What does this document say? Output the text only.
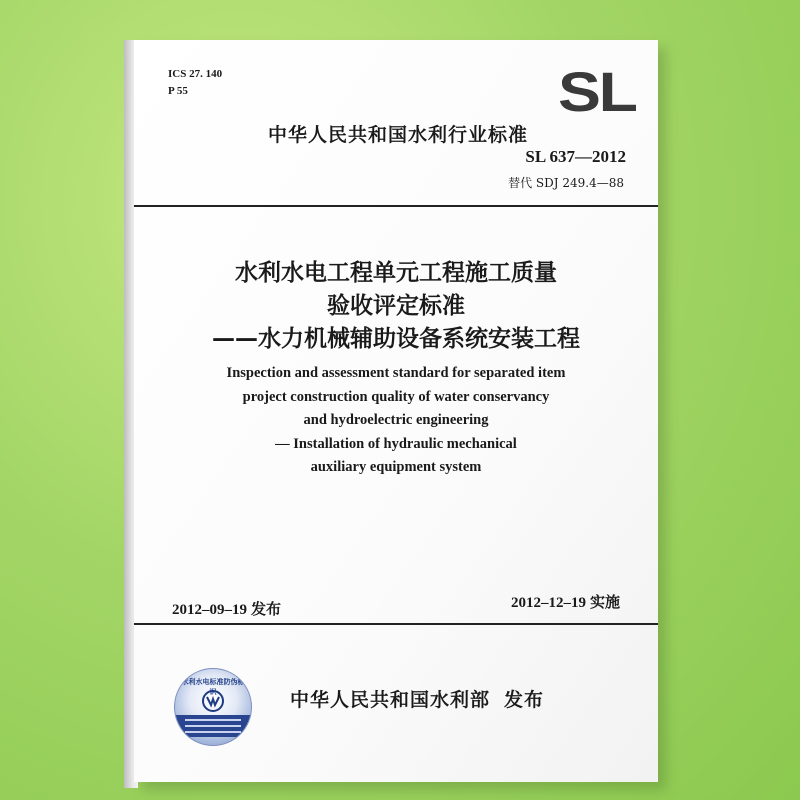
ICS 27. 140
P 55	SL
中华人民共和国水利行业标准
SL 637—2012
替代 SDJ 249.4—88
水利水电工程单元工程施工质量
验收评定标准
——水力机械辅助设备系统安装工程
Inspection and assessment standard for separated item
project construction quality of water conservancy
and hydroelectric engineering
— Installation of hydraulic mechanical
auxiliary equipment system
2012–09–19 发布	2012–12–19 实施
水利水电标准防伪标识	中华人民共和国水利部 发布
